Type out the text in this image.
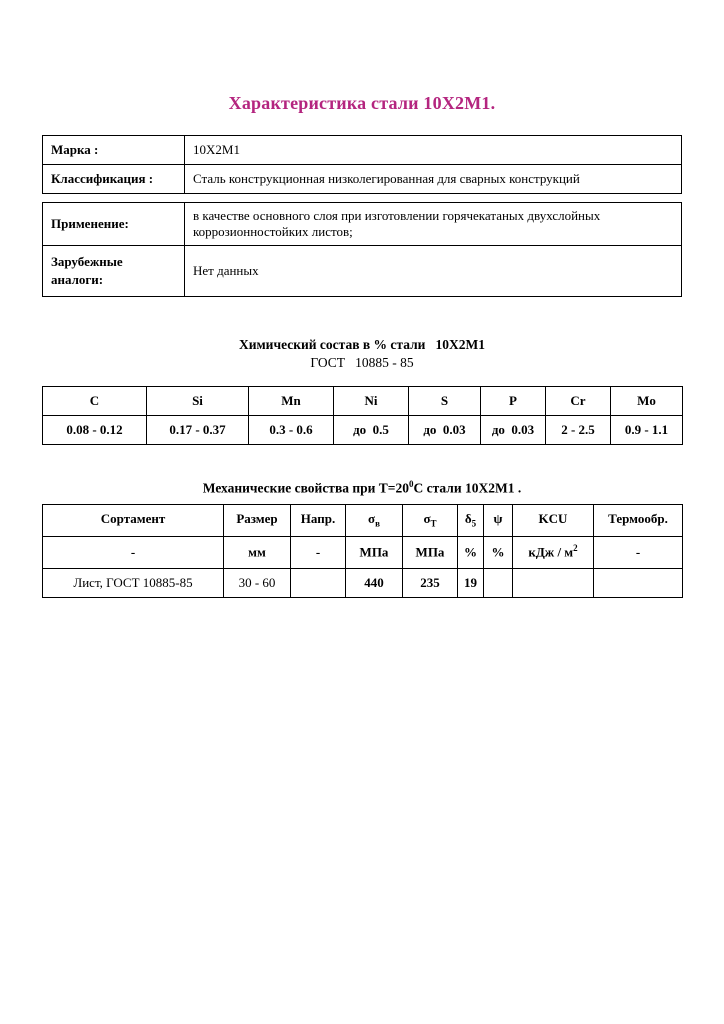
Характеристика стали 10Х2М1.
Марка :	10Х2М1
Классификация :	Сталь конструкционная низколегированная для сварных конструкций
Применение:	в качестве основного слоя при изготовлении горячекатаных двухслойных коррозионностойких листов;
Зарубежные аналоги:	Нет данных

Химический состав в % стали   10Х2М1

ГОСТ   10885 - 85

C	Si	Mn	Ni	S	P	Cr	Mo
0.08 - 0.12	0.17 - 0.37	0.3 - 0.6	до  0.5	до  0.03	до  0.03	2 - 2.5	0.9 - 1.1

Механические свойства при $Т=20^0С$ стали 10Х2М1 .

Сортамент	Размер	Напр.	$\sigma_в$	$\sigma_Т$	$\delta_5$	ψ	KCU	Термообр.
-	мм	-	МПа	МПа	%	%	кДж / $м^2$	-
Лист, ГОСТ 10885-85	30 - 60		440	235	19			
